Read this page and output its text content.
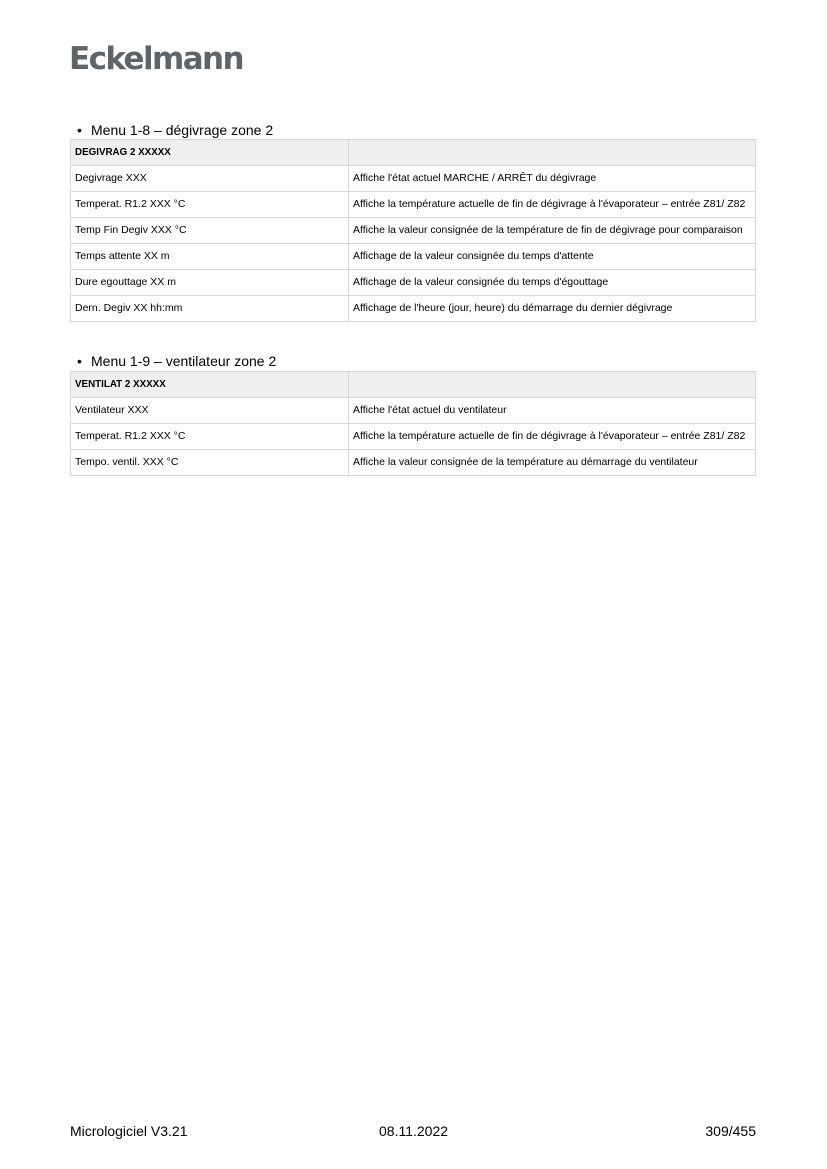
Eckelmann
• Menu 1-8 – dégivrage zone 2
DEGIVRAG 2 XXXXX	
Degivrage XXX	Affiche l'état actuel MARCHE / ARRÊT du dégivrage
Temperat. R1.2 XXX °C	Affiche la température actuelle de fin de dégivrage à l'évaporateur – entrée Z81/ Z82
Temp Fin Degiv XXX °C	Affiche la valeur consignée de la température de fin de dégivrage pour comparaison
Temps attente XX m	Affichage de la valeur consignée du temps d'attente
Dure egouttage XX m	Affichage de la valeur consignée du temps d'égouttage
Dern. Degiv XX hh:mm	Affichage de l'heure (jour, heure) du démarrage du dernier dégivrage
• Menu 1-9 – ventilateur zone 2
VENTILAT 2 XXXXX	
Ventilateur XXX	Affiche l'état actuel du ventilateur
Temperat. R1.2 XXX °C	Affiche la température actuelle de fin de dégivrage à l'évaporateur – entrée Z81/ Z82
Tempo. ventil. XXX °C	Affiche la valeur consignée de la température au démarrage du ventilateur
Micrologiciel V3.21	08.11.2022	309/455
